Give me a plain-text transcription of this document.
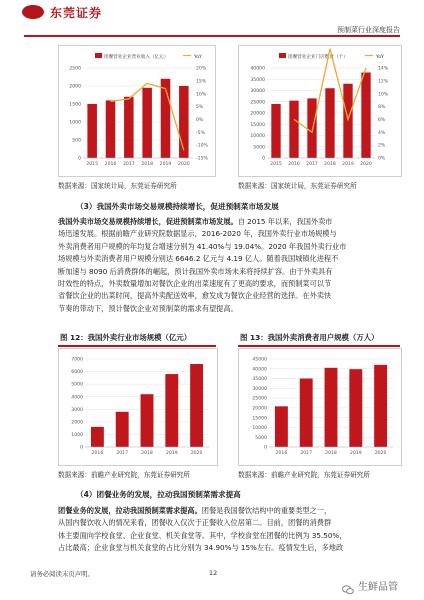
东莞证券
预制菜行业深度报告
团餐营业企业营业收入（亿元）	YoY
0
500
1000
1500
2000
2500
-15%
-10%
-5%
0%
5%
10%
15%
20%
2015 2016 2017 2018 2019 2020
团餐营业企业门店数量（个）	YoY
0
5000
10000
15000
20000
25000
30000
35000
40000
0%
2%
4%
6%
8%
10%
12%
14%
2015 2016 2017 2018 2019 2020
数据来源：国家统计局，东莞证券研究所	数据来源：国家统计局，东莞证券研究所
（3）我国外卖市场交易规模持续增长，促进预制菜市场发展
我国外卖市场交易规模持续增长，促进预制菜市场发展。自 2015 年以来，我国外卖市
场迅速发展。根据前瞻产业研究院数据显示，2016-2020 年，我国外卖行业市场规模与
外卖消费者用户规模的年均复合增速分别为 41.40%与 19.04%。2020 年我国外卖行业市
场规模与外卖消费者用户规模分别达 6646.2 亿元与 4.19 亿人。随着我国城镇化进程不
断加速与 8090 后消费群体的崛起，预计我国外卖市场未来将持续扩容。由于外卖具有
时效性的特点，外卖数量增加对餐饮企业的出菜速度有了更高的要求，而预制菜可以节
省餐饮企业的出菜时间，提高外卖配送效率，愈发成为餐饮企业经营的选择。在外卖快
节奏的带动下，预计餐饮企业对预制菜的需求有望提高。
图 12：我国外卖行业市场规模（亿元）	图 13：我国外卖消费者用户规模（万人）
0
1000
2000
3000
4000
5000
6000
7000
2016	2017	2018	2019	2020
0
5000
10000
15000
20000
25000
30000
35000
40000
45000
2016	2017	2018	2019	2020
数据来源：前瞻产业研究院，东莞证券研究所	数据来源：前瞻产业研究院，东莞证券研究所
（4）团餐业务的发展，拉动我国预制菜需求提高
团餐业务的发展，拉动我国预制菜需求提高。团餐是我国餐饮结构中的重要类型之一，
从国内餐饮收入的情况来看，团餐收入仅次于正餐收入位居第二。目前，团餐的消费群
体主要面向学校食堂、企业食堂、机关食堂等。其中，学校食堂在团餐的比例为 35.50%，
占比最高；企业食堂与机关食堂的占比分别为 34.90%与 15%左右。疫情发生后，多地政
请务必阅读末页声明。	12
生鲜品管
